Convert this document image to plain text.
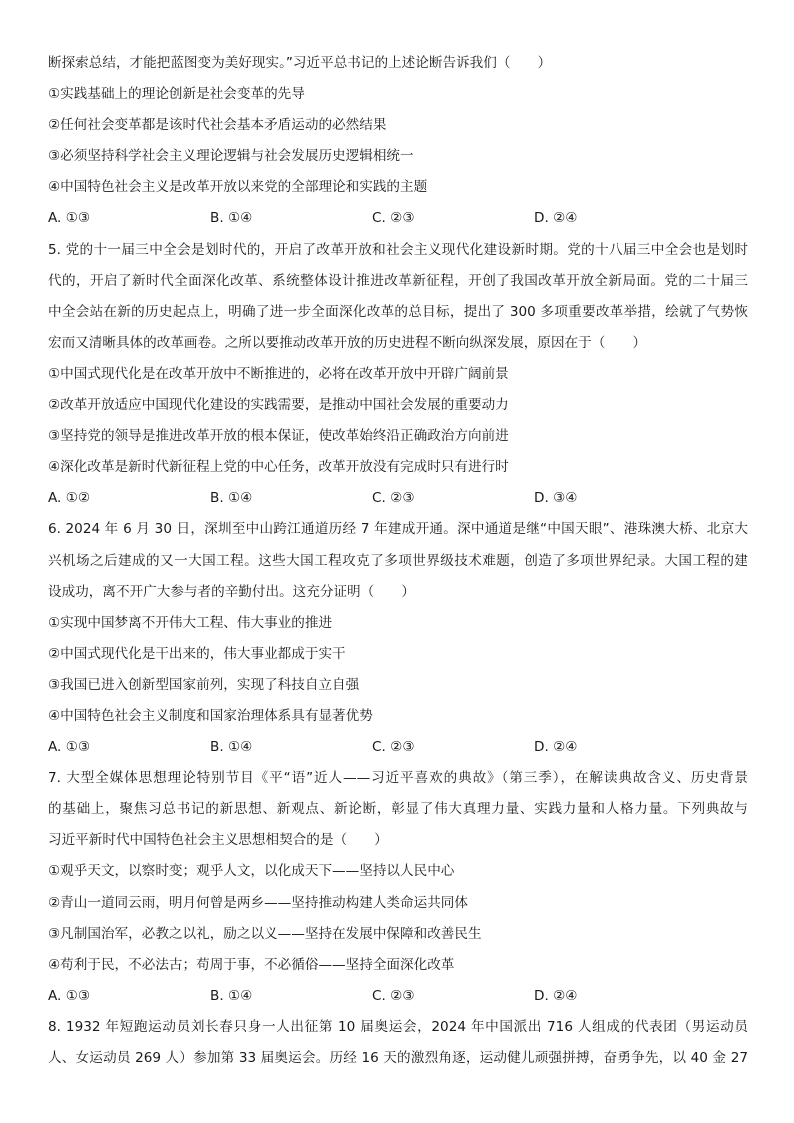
断探索总结，才能把蓝图变为美好现实。”习近平总书记的上述论断告诉我们（　　）
①实践基础上的理论创新是社会变革的先导
②任何社会变革都是该时代社会基本矛盾运动的必然结果
③必须坚持科学社会主义理论逻辑与社会发展历史逻辑相统一
④中国特色社会主义是改革开放以来党的全部理论和实践的主题
A. ①③	B. ①④	C. ②③	D. ②④
5. 党的十一届三中全会是划时代的，开启了改革开放和社会主义现代化建设新时期。党的十八届三中全会也是划时
代的，开启了新时代全面深化改革、系统整体设计推进改革新征程，开创了我国改革开放全新局面。党的二十届三
中全会站在新的历史起点上，明确了进一步全面深化改革的总目标，提出了 300 多项重要改革举措，绘就了气势恢
宏而又清晰具体的改革画卷。之所以要推动改革开放的历史进程不断向纵深发展，原因在于（　　）
①中国式现代化是在改革开放中不断推进的，必将在改革开放中开辟广阔前景
②改革开放适应中国现代化建设的实践需要，是推动中国社会发展的重要动力
③坚持党的领导是推进改革开放的根本保证，使改革始终沿正确政治方向前进
④深化改革是新时代新征程上党的中心任务，改革开放没有完成时只有进行时
A. ①②	B. ①④	C. ②③	D. ③④
6. 2024 年 6 月 30 日，深圳至中山跨江通道历经 7 年建成开通。深中通道是继“中国天眼”、港珠澳大桥、北京大
兴机场之后建成的又一大国工程。这些大国工程攻克了多项世界级技术难题，创造了多项世界纪录。大国工程的建
设成功，离不开广大参与者的辛勤付出。这充分证明（　　）
①实现中国梦离不开伟大工程、伟大事业的推进
②中国式现代化是干出来的，伟大事业都成于实干
③我国已进入创新型国家前列，实现了科技自立自强
④中国特色社会主义制度和国家治理体系具有显著优势
A. ①③	B. ①④	C. ②③	D. ②④
7. 大型全媒体思想理论特别节目《平“语”近人——习近平喜欢的典故》（第三季），在解读典故含义、历史背景
的基础上，聚焦习总书记的新思想、新观点、新论断，彰显了伟大真理力量、实践力量和人格力量。下列典故与
习近平新时代中国特色社会主义思想相契合的是（　　）
①观乎天文，以察时变；观乎人文，以化成天下——坚持以人民中心
②青山一道同云雨，明月何曾是两乡——坚持推动构建人类命运共同体
③凡制国治军，必教之以礼，励之以义——坚持在发展中保障和改善民生
④苟利于民，不必法古；苟周于事，不必循俗——坚持全面深化改革
A. ①③	B. ①④	C. ②③	D. ②④
8. 1932 年短跑运动员刘长春只身一人出征第 10 届奥运会，2024 年中国派出 716 人组成的代表团（男运动员
人、女运动员 269 人）参加第 33 届奥运会。历经 16 天的激烈角逐，运动健儿顽强拼搏，奋勇争先，以 40 金 27
